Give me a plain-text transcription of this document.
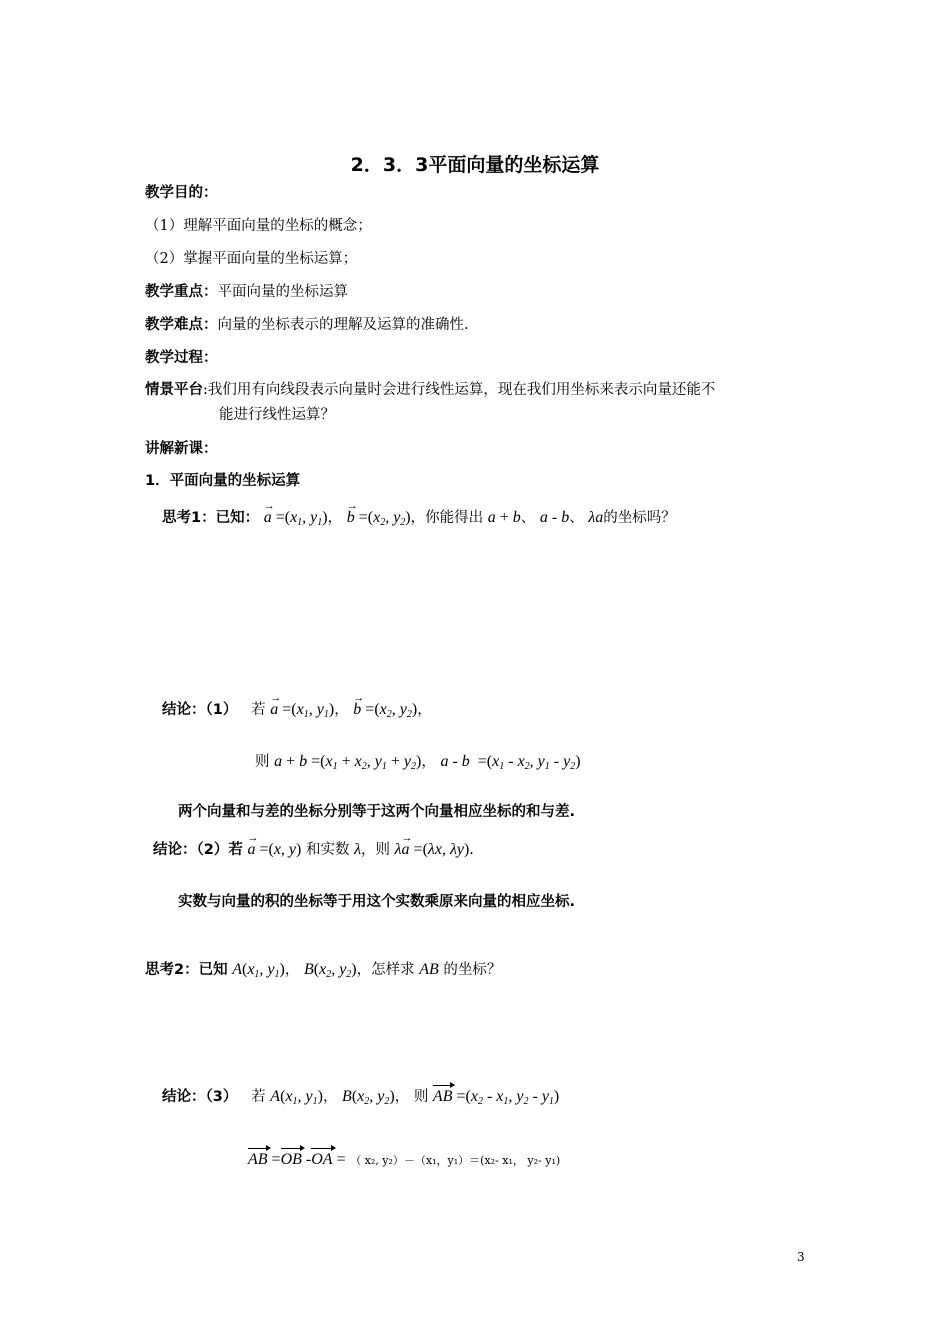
2．3．3平面向量的坐标运算
教学目的：
（1）理解平面向量的坐标的概念；
（2）掌握平面向量的坐标运算；
教学重点：平面向量的坐标运算
教学难点：向量的坐标表示的理解及运算的准确性.
教学过程：
情景平台:我们用有向线段表示向量时会进行线性运算，现在我们用坐标来表示向量还能不
能进行线性运算？
讲解新课：
1．平面向量的坐标运算
思考1：已知： → $a =(x_1$, $y_1$)， → $b =(x_2$, $y_2$)，你能得出 a + b、 a - b、 λa的坐标吗？
结论：（1） 若 → $a =(x_1$, $y_1$)， → $b =(x_2$, $y_2$)，
则 $a + b =(x_1 + x_2$, $y_1 + y_2$)， $a - b =(x_1 - x_2$, $y_1 - y_2$)
两个向量和与差的坐标分别等于这两个向量相应坐标的和与差.
结论：（2）若 → a =(x, y) 和实数 λ，则 λ→ a =(λx, λy).
实数与向量的积的坐标等于用这个实数乘原来向量的相应坐标.
思考2：已知 $A(x_1$, $y_1$)， $B(x_2$, $y_2$)，怎样求 AB 的坐标？
结论：（3） 若 $A(x_1$, $y_1$)， $B(x_2$, $y_2$)， 则 AB $=(x_2 - x_1$, $y_2 - y_1$)
AB =OB -OA = （ x₂, y₂）－（x₁，y₁）＝(x₂- x₁， y₂- y₁)
3
